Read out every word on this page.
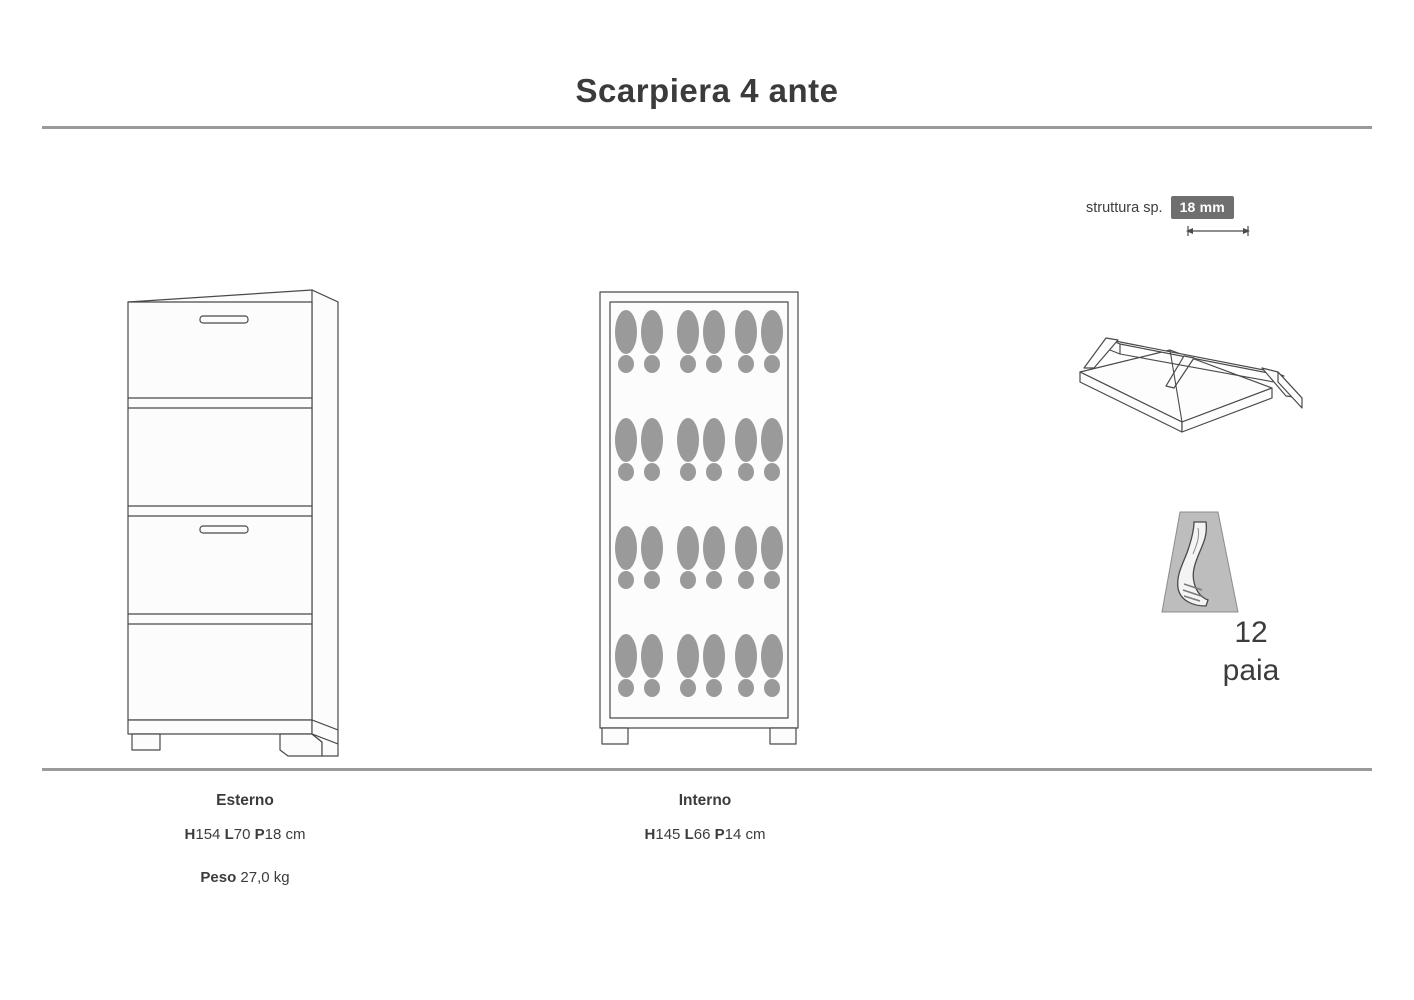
Scarpiera 4 ante
Esterno
H154 L70 P18 cm
Peso 27,0 kg
Interno
H145 L66 P14 cm
struttura sp.	18 mm
12
paia
